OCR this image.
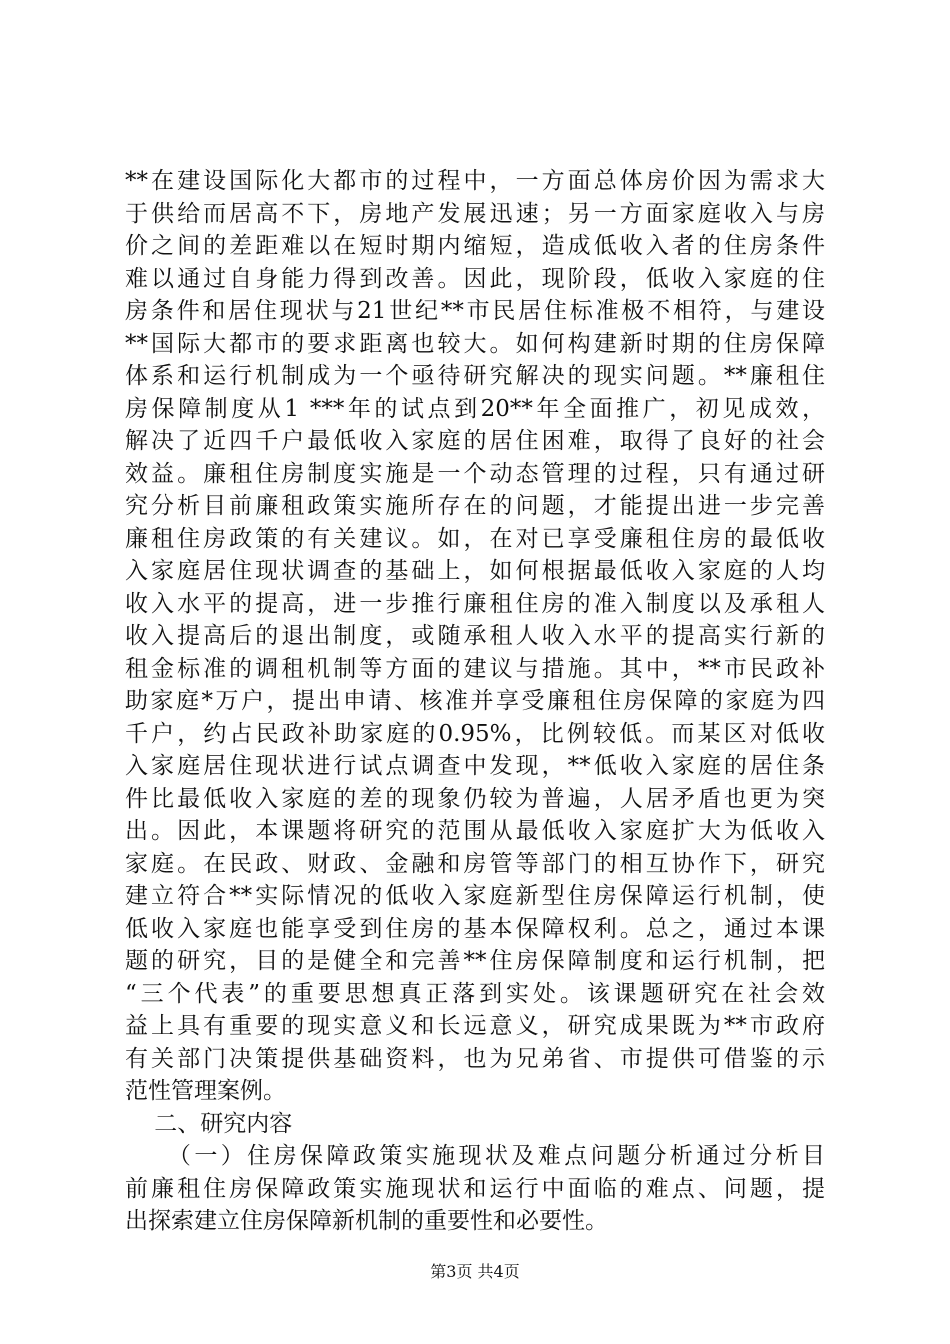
**在建设国际化大都市的过程中，一方面总体房价因为需求大
于供给而居高不下，房地产发展迅速；另一方面家庭收入与房
价之间的差距难以在短时期内缩短，造成低收入者的住房条件
难以通过自身能力得到改善。因此，现阶段，低收入家庭的住
房条件和居住现状与21世纪**市民居住标准极不相符，与建设
**国际大都市的要求距离也较大。如何构建新时期的住房保障
体系和运行机制成为一个亟待研究解决的现实问题。**廉租住
房保障制度从1 ***年的试点到20**年全面推广，初见成效，
解决了近四千户最低收入家庭的居住困难，取得了良好的社会
效益。廉租住房制度实施是一个动态管理的过程，只有通过研
究分析目前廉租政策实施所存在的问题，才能提出进一步完善
廉租住房政策的有关建议。如，在对已享受廉租住房的最低收
入家庭居住现状调查的基础上，如何根据最低收入家庭的人均
收入水平的提高，进一步推行廉租住房的准入制度以及承租人
收入提高后的退出制度，或随承租人收入水平的提高实行新的
租金标准的调租机制等方面的建议与措施。其中，**市民政补
助家庭*万户，提出申请、核准并享受廉租住房保障的家庭为四
千户，约占民政补助家庭的0.95%，比例较低。而某区对低收
入家庭居住现状进行试点调查中发现，**低收入家庭的居住条
件比最低收入家庭的差的现象仍较为普遍，人居矛盾也更为突
出。因此，本课题将研究的范围从最低收入家庭扩大为低收入
家庭。在民政、财政、金融和房管等部门的相互协作下，研究
建立符合**实际情况的低收入家庭新型住房保障运行机制，使
低收入家庭也能享受到住房的基本保障权利。总之，通过本课
题的研究，目的是健全和完善**住房保障制度和运行机制，把
“三个代表”的重要思想真正落到实处。该课题研究在社会效
益上具有重要的现实意义和长远意义，研究成果既为**市政府
有关部门决策提供基础资料，也为兄弟省、市提供可借鉴的示
范性管理案例。
二、研究内容
（一）住房保障政策实施现状及难点问题分析通过分析目
前廉租住房保障政策实施现状和运行中面临的难点、问题，提
出探索建立住房保障新机制的重要性和必要性。
第3页 共4页
